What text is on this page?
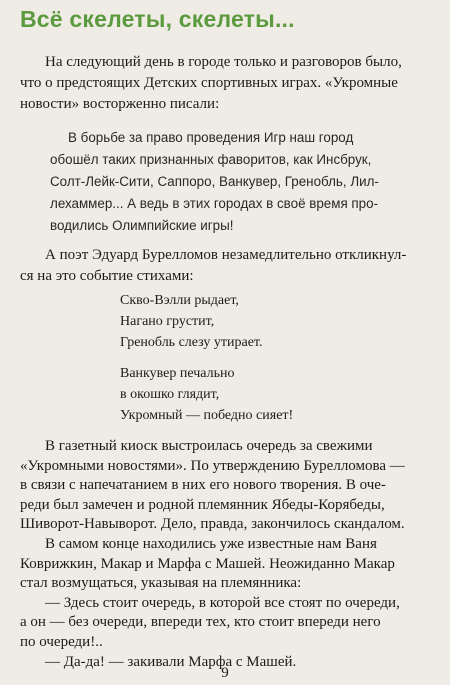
Всё скелеты, скелеты...
На следующий день в городе только и разговоров было,
что о предстоящих Детских спортивных играх. «Укромные
новости» восторженно писали:
В борьбе за право проведения Игр наш город
обошёл таких признанных фаворитов, как Инсбрук,
Солт-Лейк-Сити, Саппоро, Ванкувер, Гренобль, Лил-
лехаммер... А ведь в этих городах в своё время про-
водились Олимпийские игры!
А поэт Эдуард Бурелломов незамедлительно откликнул-
ся на это событие стихами:
Скво-Вэлли рыдает,
Нагано грустит,
Гренобль слезу утирает.
Ванкувер печально
в окошко глядит,
Укромный — победно сияет!
В газетный киоск выстроилась очередь за свежими
«Укромными новостями». По утверждению Бурелломова —
в связи с напечатанием в них его нового творения. В оче-
реди был замечен и родной племянник Ябеды-Корябеды,
Шиворот-Навыворот. Дело, правда, закончилось скандалом.
В самом конце находились уже известные нам Ваня
Коврижкин, Макар и Марфа с Машей. Неожиданно Макар
стал возмущаться, указывая на племянника:
— Здесь стоит очередь, в которой все стоят по очереди,
а он — без очереди, впереди тех, кто стоит впереди него
по очереди!..
— Да-да! — закивали Марфа с Машей.
9
